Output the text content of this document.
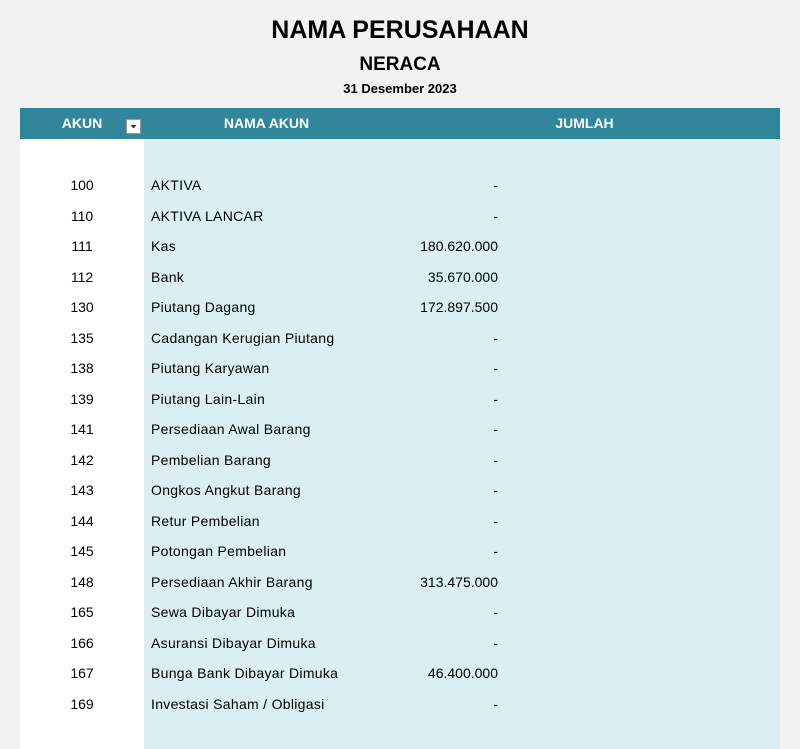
NAMA PERUSAHAAN
NERACA
31 Desember 2023
AKUN	NAMA AKUN	JUMLAH
100	AKTIVA	-
110	AKTIVA LANCAR	-
111	Kas	180.620.000
112	Bank	35.670.000
130	Piutang Dagang	172.897.500
135	Cadangan Kerugian Piutang	-
138	Piutang Karyawan	-
139	Piutang Lain-Lain	-
141	Persediaan Awal Barang	-
142	Pembelian Barang	-
143	Ongkos Angkut Barang	-
144	Retur Pembelian	-
145	Potongan Pembelian	-
148	Persediaan Akhir Barang	313.475.000
165	Sewa Dibayar Dimuka	-
166	Asuransi Dibayar Dimuka	-
167	Bunga Bank Dibayar Dimuka	46.400.000
169	Investasi Saham / Obligasi	-
